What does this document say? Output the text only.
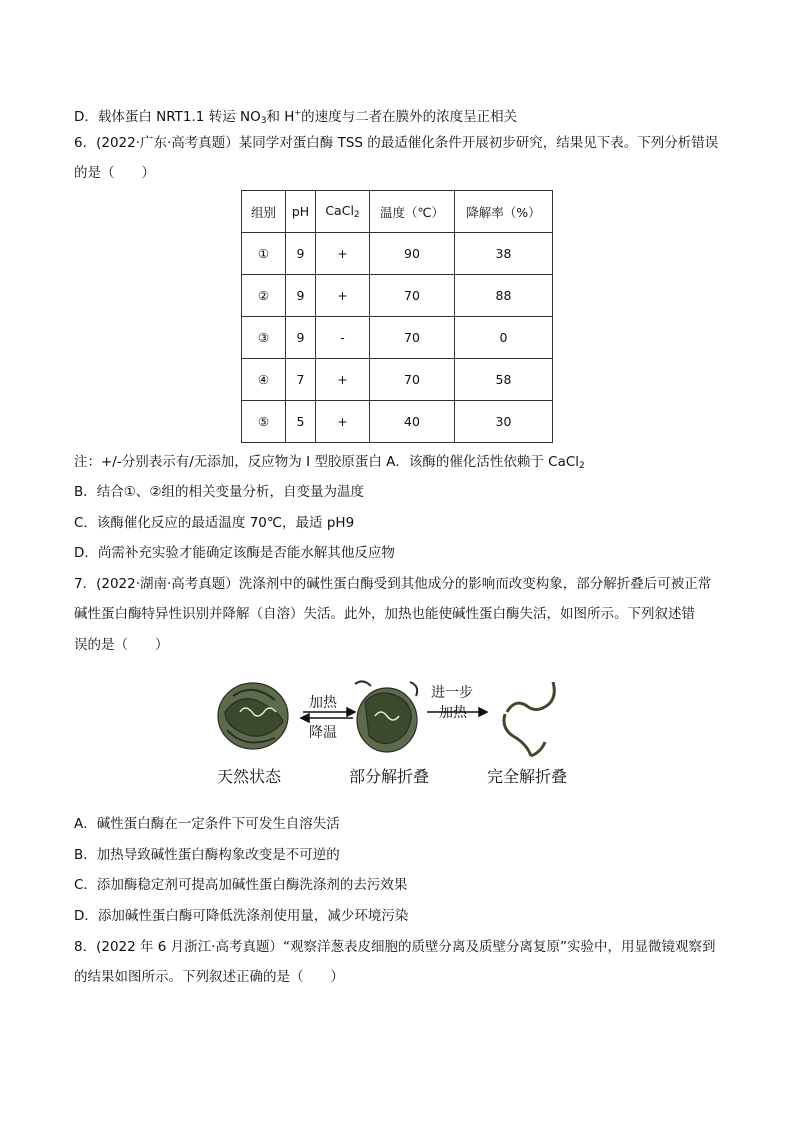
D．载体蛋白 NRT1.1 转运 $NO_3$和 H+的速度与二者在膜外的浓度呈正相关
6．(2022·广东·高考真题）某同学对蛋白酶 TSS 的最适催化条件开展初步研究，结果见下表。下列分析错误
的是（　　）
组别	pH	CaCl$_2$	温度（℃）	降解率（%）
①	9	+	90	38
②	9	+	70	88
③	9	-	70	0
④	7	+	70	58
⑤	5	+	40	30
注：+/-分别表示有/无添加，反应物为 I 型胶原蛋白 A．该酶的催化活性依赖于 CaCl$_2$
B．结合①、②组的相关变量分析，自变量为温度
C．该酶催化反应的最适温度 70℃，最适 pH9
D．尚需补充实验才能确定该酶是否能水解其他反应物
7．(2022·湖南·高考真题）洗涤剂中的碱性蛋白酶受到其他成分的影响而改变构象，部分解折叠后可被正常
碱性蛋白酶特异性识别并降解（自溶）失活。此外，加热也能使碱性蛋白酶失活，如图所示。下列叙述错
误的是（　　）
加热
降温
进一步
加热
天然状态	部分解折叠	完全解折叠
A．碱性蛋白酶在一定条件下可发生自溶失活
B．加热导致碱性蛋白酶构象改变是不可逆的
C．添加酶稳定剂可提高加碱性蛋白酶洗涤剂的去污效果
D．添加碱性蛋白酶可降低洗涤剂使用量，减少环境污染
8．(2022 年 6 月浙江·高考真题）“观察洋葱表皮细胞的质壁分离及质壁分离复原”实验中，用显微镜观察到
的结果如图所示。下列叙述正确的是（　　）
